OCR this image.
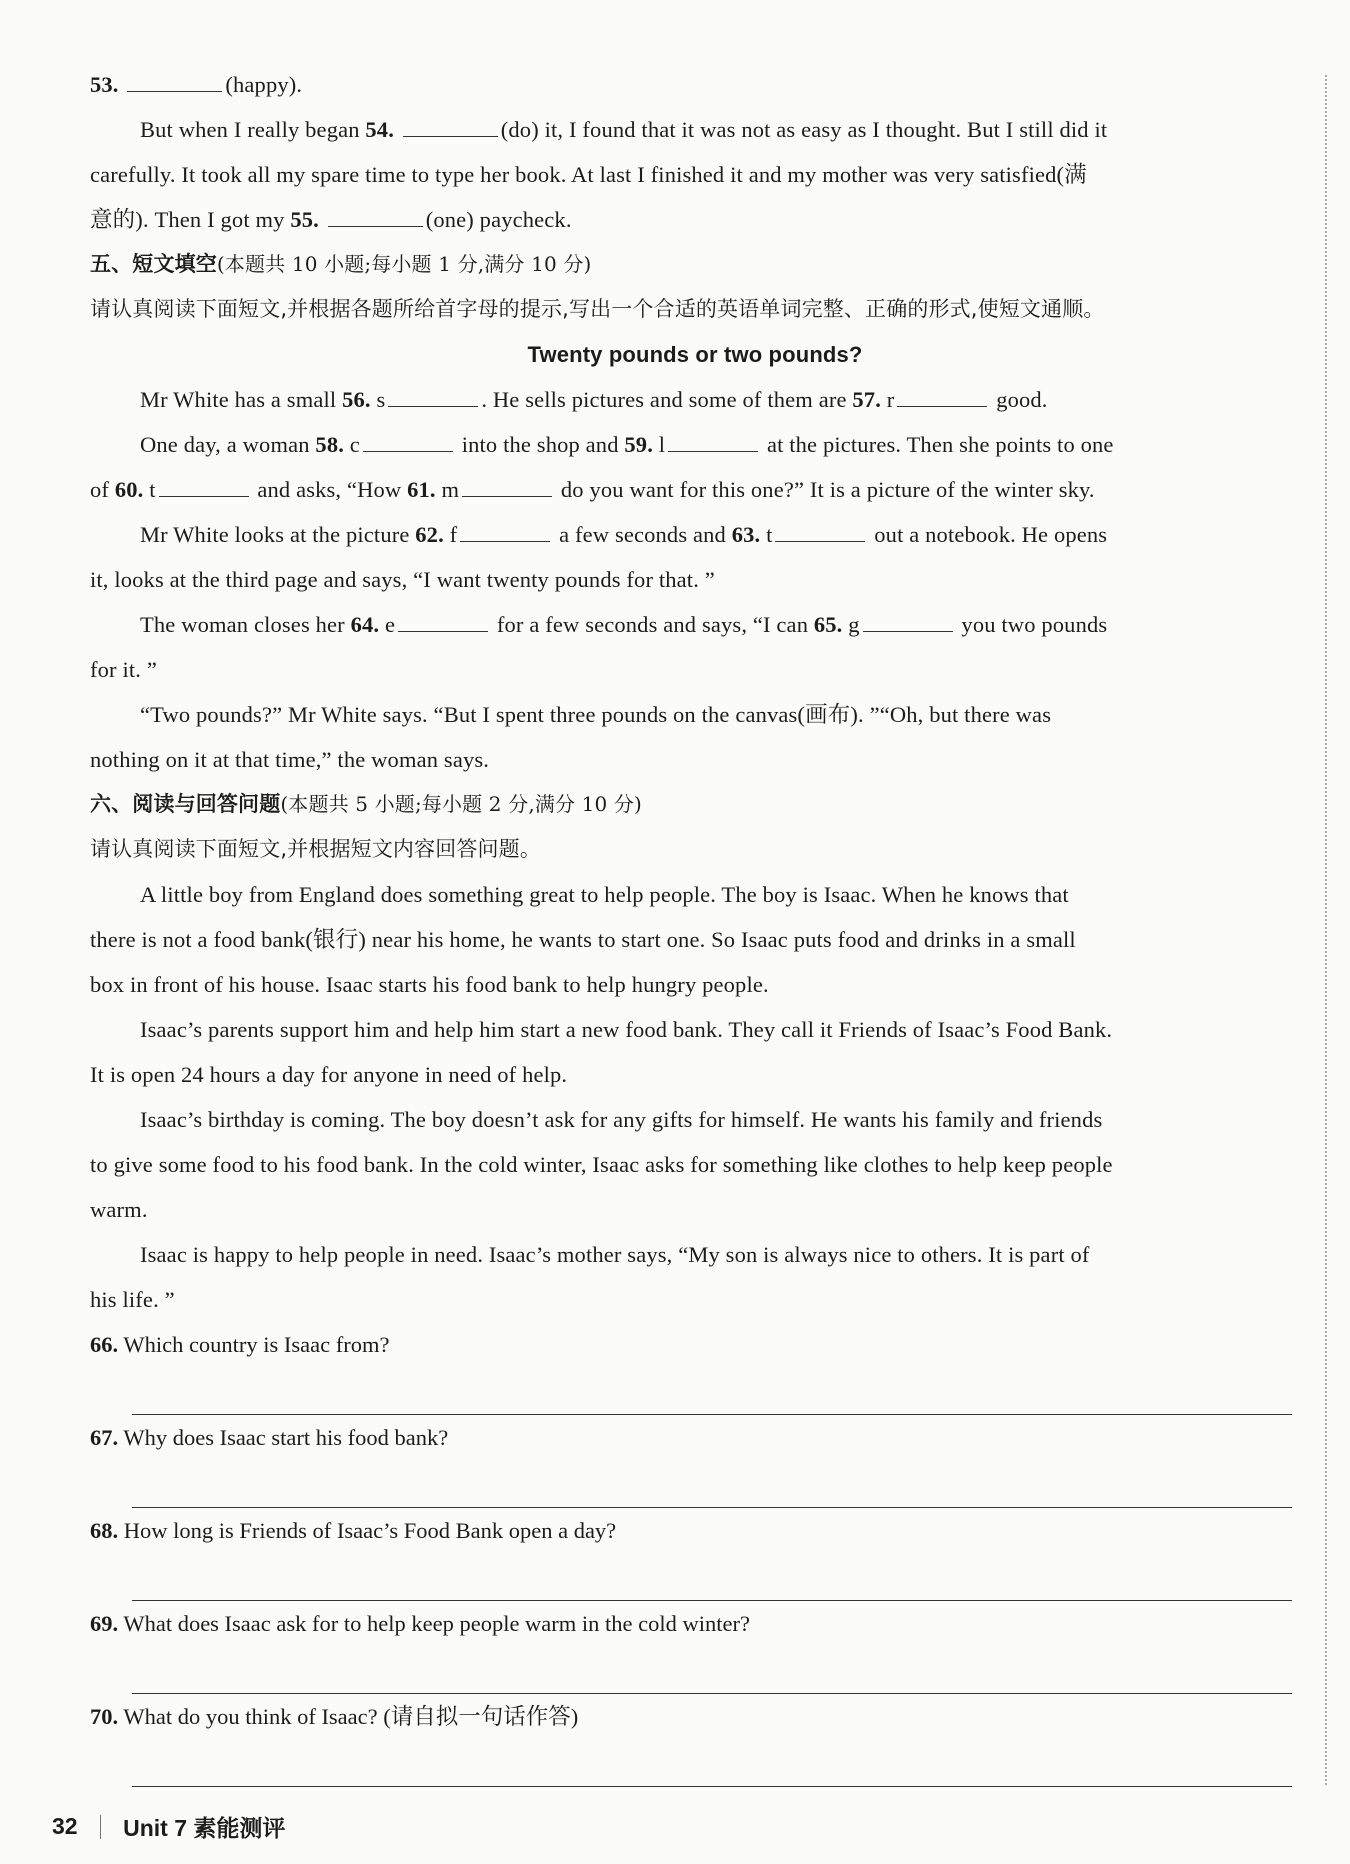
53.	(happy).
But when I really began 54.	(do) it, I found that it was not as easy as I thought. But I still did it
carefully. It took all my spare time to type her book. At last I finished it and my mother was very satisfied(满
意的). Then I got my 55.	(one) paycheck.
五、短文填空(本题共 10 小题;每小题 1 分,满分 10 分)
请认真阅读下面短文,并根据各题所给首字母的提示,写出一个合适的英语单词完整、正确的形式,使短文通顺。
Twenty pounds or two pounds?
Mr White has a small 56. s	. He sells pictures and some of them are 57. r	good.
One day, a woman 58. c	into the shop and 59. l	at the pictures. Then she points to one
of 60. t	and asks, “How 61. m	do you want for this one?” It is a picture of the winter sky.
Mr White looks at the picture 62. f	a few seconds and 63. t	out a notebook. He opens
it, looks at the third page and says, “I want twenty pounds for that. ”
The woman closes her 64. e	for a few seconds and says, “I can 65. g	you two pounds
for it. ”
“Two pounds?” Mr White says. “But I spent three pounds on the canvas(画布). ”“Oh, but there was
nothing on it at that time,” the woman says.
六、阅读与回答问题(本题共 5 小题;每小题 2 分,满分 10 分)
请认真阅读下面短文,并根据短文内容回答问题。
A little boy from England does something great to help people. The boy is Isaac. When he knows that
there is not a food bank(银行) near his home, he wants to start one. So Isaac puts food and drinks in a small
box in front of his house. Isaac starts his food bank to help hungry people.
Isaac’s parents support him and help him start a new food bank. They call it Friends of Isaac’s Food Bank.
It is open 24 hours a day for anyone in need of help.
Isaac’s birthday is coming. The boy doesn’t ask for any gifts for himself. He wants his family and friends
to give some food to his food bank. In the cold winter, Isaac asks for something like clothes to help keep people
warm.
Isaac is happy to help people in need. Isaac’s mother says, “My son is always nice to others. It is part of
his life. ”
66. Which country is Isaac from?
67. Why does Isaac start his food bank?
68. How long is Friends of Isaac’s Food Bank open a day?
69. What does Isaac ask for to help keep people warm in the cold winter?
70. What do you think of Isaac? (请自拟一句话作答)
32 Unit 7 素能测评
